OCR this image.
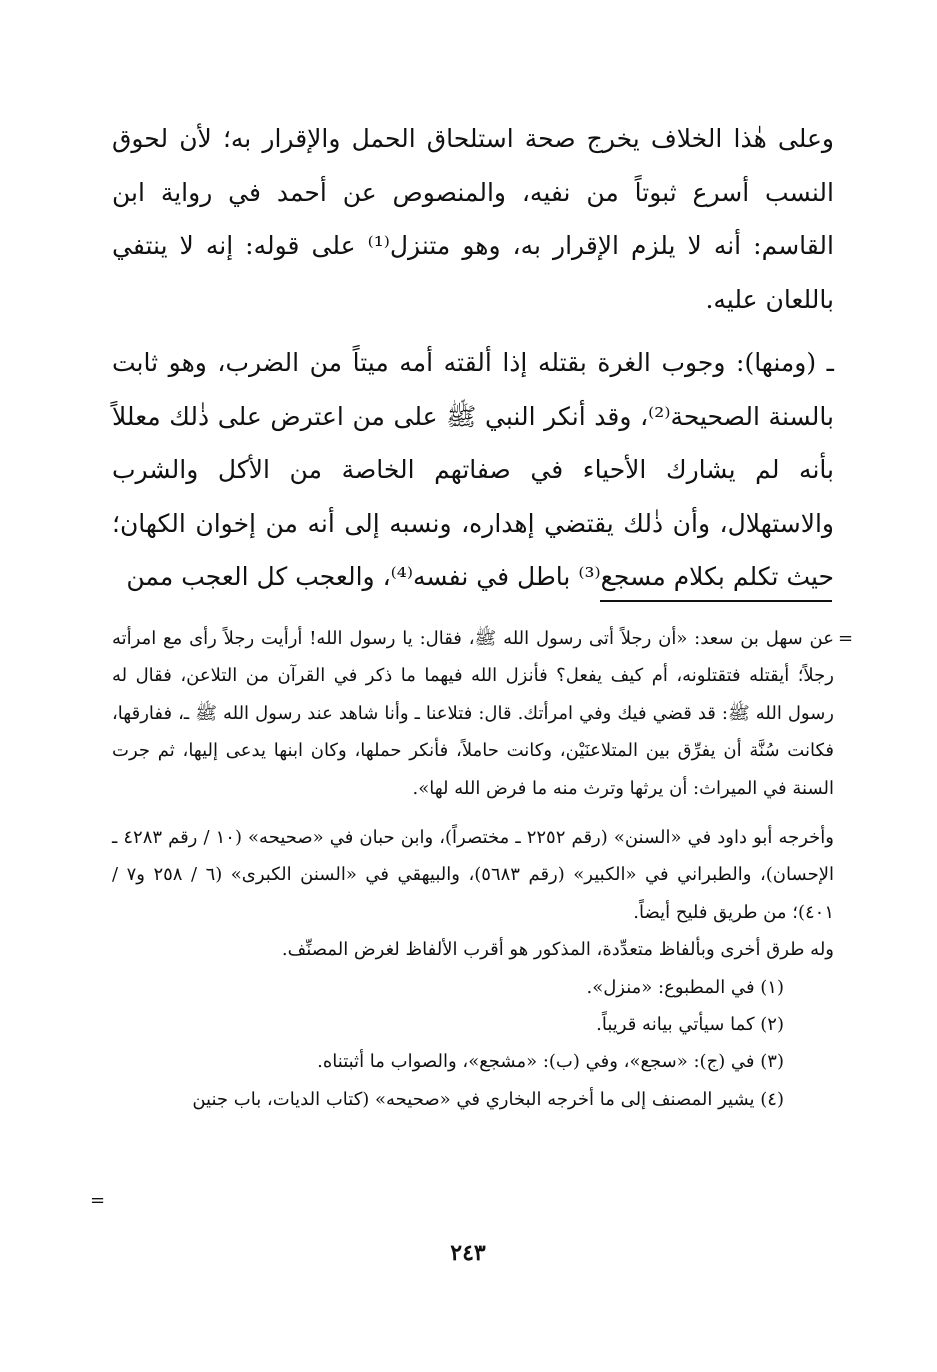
وعلى هٰذا الخلاف يخرج صحة استلحاق الحمل والإقرار به؛ لأن لحوق النسب أسرع ثبوتاً من نفيه، والمنصوص عن أحمد في رواية ابن القاسم: أنه لا يلزم الإقرار به، وهو متنزل⁽¹⁾ على قوله: إنه لا ينتفي باللعان عليه.

ـ (ومنها): وجوب الغرة بقتله إذا ألقته أمه ميتاً من الضرب، وهو ثابت بالسنة الصحيحة⁽²⁾، وقد أنكر النبي ﷺ على من اعترض على ذٰلك معللاً بأنه لم يشارك الأحياء في صفاتهم الخاصة من الأكل والشرب والاستهلال، وأن ذٰلك يقتضي إهداره، ونسبه إلى أنه من إخوان الكهان؛ حيث تكلم بكلام مسجع⁽³⁾ باطل في نفسه⁽⁴⁾، والعجب كل العجب ممن

=

عن سهل بن سعد: «أن رجلاً أتى رسول الله ﷺ، فقال: يا رسول الله! أرأيت رجلاً رأى مع امرأته رجلاً؛ أيقتله فتقتلونه، أم كيف يفعل؟ فأنزل الله فيهما ما ذكر في القرآن من التلاعن، فقال له رسول الله ﷺ: قد قضي فيك وفي امرأتك. قال: فتلاعنا ـ وأنا شاهد عند رسول الله ﷺ ـ، ففارقها، فكانت سُنَّة أن يفرِّق بين المتلاعنَيْن، وكانت حاملاً، فأنكر حملها، وكان ابنها يدعى إليها، ثم جرت السنة في الميراث: أن يرثها وترث منه ما فرض الله لها».

وأخرجه أبو داود في «السنن» (رقم ٢٢٥٢ ـ مختصراً)، وابن حبان في «صحيحه» (١٠ / رقم ٤٢٨٣ ـ الإحسان)، والطبراني في «الكبير» (رقم ٥٦٨٣)، والبيهقي في «السنن الكبرى» (٦ / ٢٥٨ و٧ / ٤٠١)؛ من طريق فليح أيضاً.

وله طرق أخرى وبألفاظ متعدِّدة، المذكور هو أقرب الألفاظ لغرض المصنِّف.

(١) في المطبوع: «منزل».

(٢) كما سيأتي بيانه قريباً.

(٣) في (ج): «سجع»، وفي (ب): «مشجع»، والصواب ما أثبتناه.

(٤) يشير المصنف إلى ما أخرجه البخاري في «صحيحه» (كتاب الديات، باب جنين

=
٢٤٣
